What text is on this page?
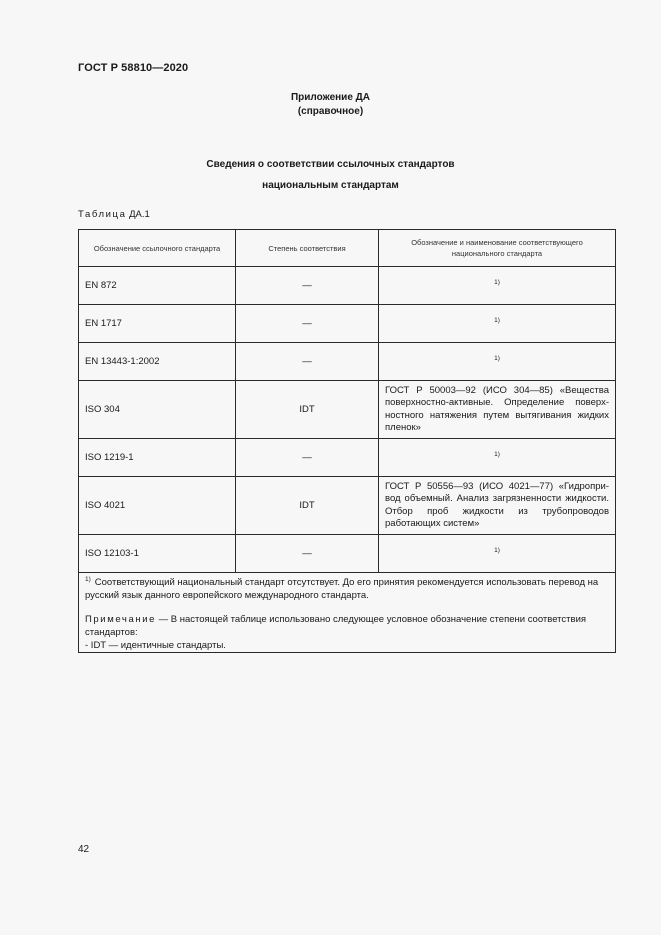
ГОСТ Р 58810—2020
Приложение ДА
(справочное)
Сведения о соответствии ссылочных стандартов
национальным стандартам
Таблица ДА.1
Обозначение ссылочного стандарта	Степень соответствия	Обозначение и наименование соответствующего национального стандарта
EN 872	—	$^{1)}$
EN 1717	—	$^{1)}$
EN 13443-1:2002	—	$^{1)}$
ISO 304	IDT	ГОСТ Р 50003—92 (ИСО 304—85) «Вещества поверхностно-активные. Определение поверх-ностного натяжения путем вытягивания жидких пленок»
ISO 1219-1	—	$^{1)}$
ISO 4021	IDT	ГОСТ Р 50556—93 (ИСО 4021—77) «Гидропри-вод объемный. Анализ загрязненности жидкости. Отбор проб жидкости из трубопроводов работающих систем»
ISO 12103-1	—	$^{1)}$

$^{1)}$ Соответствующий национальный стандарт отсутствует. До его принятия рекомендуется использовать перевод на русский язык данного европейского международного стандарта.

Примечание — В настоящей таблице использовано следующее условное обозначение степени соответствия стандартов:

- IDT — идентичные стандарты.		

42
